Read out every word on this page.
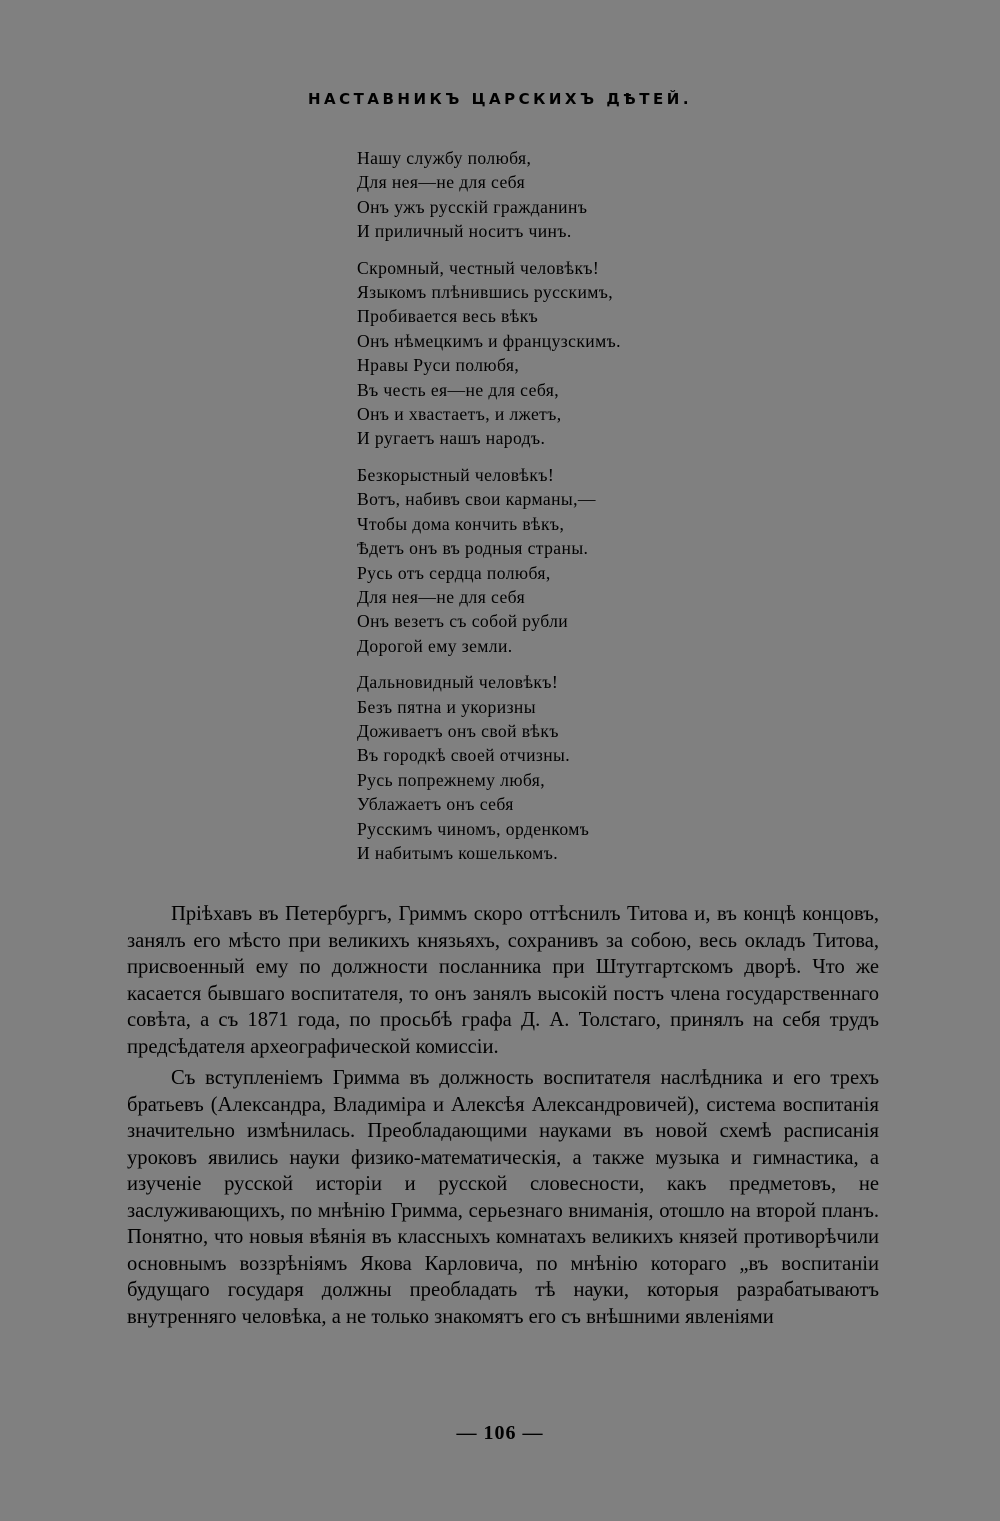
НАСТАВНИКЪ ЦАРСКИХЪ ДѢТЕЙ.
Нашу службу полюбя,
Для нея—не для себя
Онъ ужъ русскій гражданинъ
И приличный носитъ чинъ.
Скромный, честный человѣкъ!
Языкомъ плѣнившись русскимъ,
Пробивается весь вѣкъ
Онъ нѣмецкимъ и французскимъ.
Нравы Руси полюбя,
Въ честь ея—не для себя,
Онъ и хвастаетъ, и лжетъ,
И ругаетъ нашъ народъ.
Безкорыстный человѣкъ!
Вотъ, набивъ свои карманы,—
Чтобы дома кончить вѣкъ,
Ѣдетъ онъ въ родныя страны.
Русь отъ сердца полюбя,
Для нея—не для себя
Онъ везетъ съ собой рубли
Дорогой ему земли.
Дальновидный человѣкъ!
Безъ пятна и укоризны
Доживаетъ онъ свой вѣкъ
Въ городкѣ своей отчизны.
Русь попрежнему любя,
Ублажаетъ онъ себя
Русскимъ чиномъ, орденкомъ
И набитымъ кошелькомъ.

Пріѣхавъ въ Петербургъ, Гриммъ скоро оттѣснилъ Титова и, въ концѣ концовъ, занялъ его мѣсто при великихъ князьяхъ, сохранивъ за собою, весь окладъ Титова, присвоенный ему по должности посланника при Штутгартскомъ дворѣ. Что же касается бывшаго воспитателя, то онъ занялъ высокій постъ члена государственнаго совѣта, а съ 1871 года, по просьбѣ графа Д. А. Толстаго, принялъ на себя трудъ предсѣдателя археографической комиссіи.

Съ вступленіемъ Гримма въ должность воспитателя наслѣдника и его трехъ братьевъ (Александра, Владиміра и Алексѣя Александровичей), система воспитанія значительно измѣнилась. Преобладающими науками въ новой схемѣ расписанія уроковъ явились науки физико-математическія, а также музыка и гимнастика, а изученіе русской исторіи и русской словесности, какъ предметовъ, не заслуживающихъ, по мнѣнію Гримма, серьезнаго вниманія, отошло на второй планъ. Понятно, что новыя вѣянія въ классныхъ комнатахъ великихъ князей противорѣчили основнымъ воззрѣніямъ Якова Карловича, по мнѣнію котораго „въ воспитаніи будущаго государя должны преобладать тѣ науки, которыя разрабатываютъ внутренняго человѣка, а не только знакомятъ его съ внѣшними явленіями

— 106 —
